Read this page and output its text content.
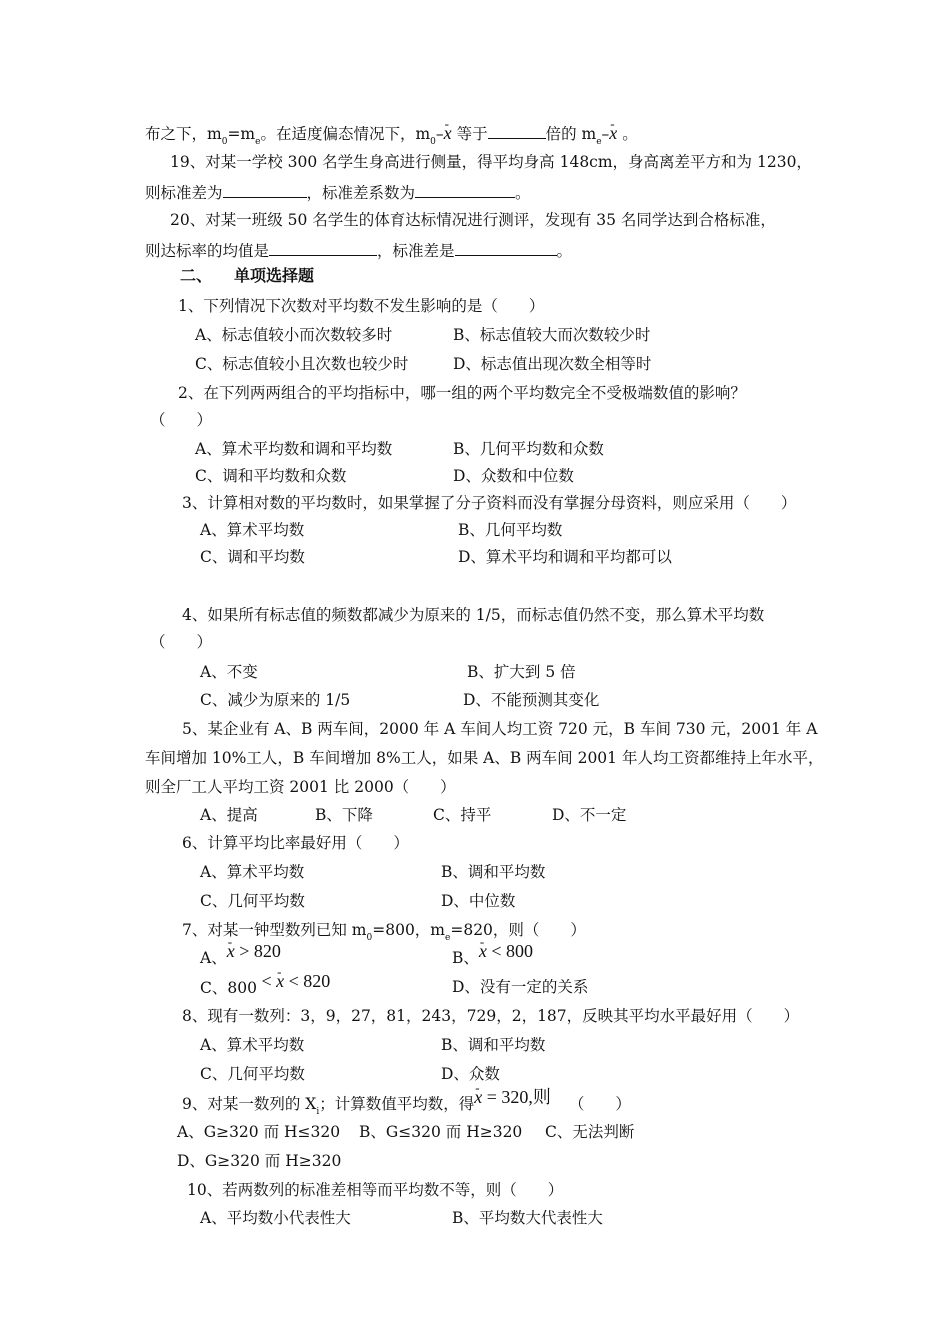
布之下，$m_0=m_e$。在适度偏态情况下，$m_0--$ x 等于	倍的 $m_e--$ x 。
19、对某一学校 300 名学生身高进行侧量，得平均身高 148cm，身高离差平方和为 1230，
则标准差为	，标准差系数为	。
20、对某一班级 50 名学生的体育达标情况进行测评，发现有 35 名同学达到合格标准，
则达标率的均值是	，标准差是	。
二、 单项选择题
1、下列情况下次数对平均数不发生影响的是（　　）
A、标志值较小而次数较多时	B、标志值较大而次数较少时
C、标志值较小且次数也较少时	D、标志值出现次数全相等时
2、在下列两两组合的平均指标中，哪一组的两个平均数完全不受极端数值的影响？
（　　）
A、算术平均数和调和平均数	B、几何平均数和众数
C、调和平均数和众数	D、众数和中位数
3、计算相对数的平均数时，如果掌握了分子资料而没有掌握分母资料，则应采用（　　）
A、算术平均数	B、几何平均数
C、调和平均数	D、算术平均和调和平均都可以
4、如果所有标志值的频数都减少为原来的 1/5，而标志值仍然不变，那么算术平均数
（　　）
A、不变	B、扩大到 5 倍
C、减少为原来的 1/5	D、不能预测其变化
5、某企业有 A、B 两车间，2000 年 A 车间人均工资 720 元，B 车间 730 元，2001 年 A
车间增加 10%工人，B 车间增加 8%工人，如果 A、B 两车间 2001 年人均工资都维持上年水平，
则全厂工人平均工资 2001 比 2000（　　）
A、提高	B、下降	C、持平	D、不一定
6、计算平均比率最好用（　　）
A、算术平均数	B、调和平均数
C、几何平均数	D、中位数
7、对某一钟型数列已知 $m_0=800$，$m_e=820$，则（　　）
A、- x > 820	B、- x < 800
C、800 < - x < 820	D、没有一定的关系
8、现有一数列：3，9，27，81，243，729，2，187，反映其平均水平最好用（　　）
A、算术平均数	B、调和平均数
C、几何平均数	D、众数
9、对某一数列的 $X_i$；计算数值平均数，得- x = 320,则 （　　）
A、G≥320 而 H≤320 B、G≤320 而 H≥320 C、无法判断
D、G≥320 而 H≥320
10、若两数列的标准差相等而平均数不等，则（　　）
A、平均数小代表性大	B、平均数大代表性大
